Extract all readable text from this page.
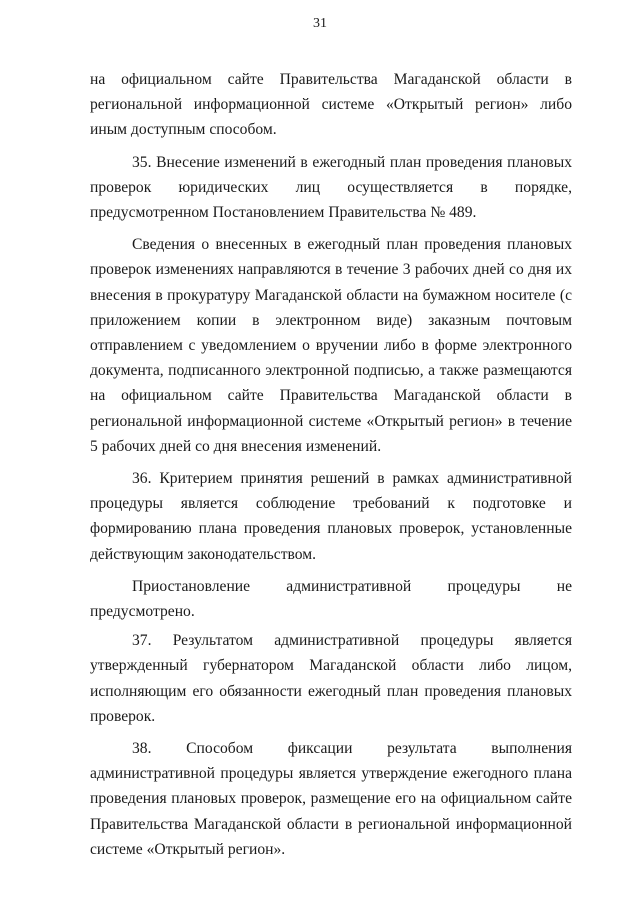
31

на официальном сайте Правительства Магаданской области в региональной информационной системе «Открытый регион» либо иным доступным способом.

35. Внесение изменений в ежегодный план проведения плановых проверок юридических лиц осуществляется в порядке, предусмотренном Постановлением Правительства № 489.

Сведения о внесенных в ежегодный план проведения плановых проверок изменениях направляются в течение 3 рабочих дней со дня их внесения в прокуратуру Магаданской области на бумажном носителе (с приложением копии в электронном виде) заказным почтовым отправлением с уведомлением о вручении либо в форме электронного документа, подписанного электронной подписью, а также размещаются на официальном сайте Правительства Магаданской области в региональной информационной системе «Открытый регион» в течение 5 рабочих дней со дня внесения изменений.

36. Критерием принятия решений в рамках административной процедуры является соблюдение требований к подготовке и формированию плана проведения плановых проверок, установленные действующим законодательством.

Приостановление административной процедуры не предусмотрено.

37. Результатом административной процедуры является утвержденный губернатором Магаданской области либо лицом, исполняющим его обязанности ежегодный план проведения плановых проверок.

38. Способом фиксации результата выполнения административной процедуры является утверждение ежегодного плана проведения плановых проверок, размещение его на официальном сайте Правительства Магаданской области в региональной информационной системе «Открытый регион».
